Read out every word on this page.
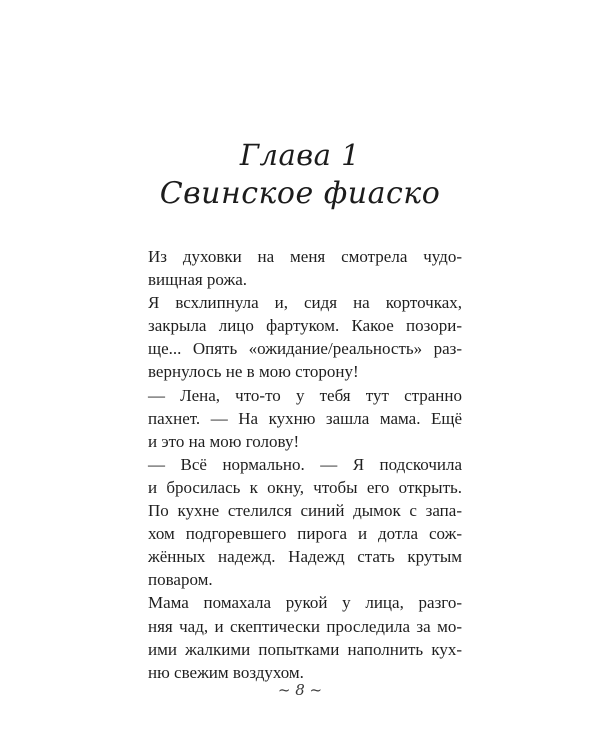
Глава 1
Свинское фиаско
Из духовки на меня смотрела чудо-
вищная рожа.
Я всхлипнула и, сидя на корточках,
закрыла лицо фартуком. Какое позори-
ще... Опять «ожидание/реальность» раз-
вернулось не в мою сторону!
— Лена, что-то у тебя тут странно
пахнет. — На кухню зашла мама. Ещё
и это на мою голову!
— Всё нормально. — Я подскочила
и бросилась к окну, чтобы его открыть.
По кухне стелился синий дымок с запа-
хом подгоревшего пирога и дотла сож-
жённых надежд. Надежд стать крутым
поваром.
Мама помахала рукой у лица, разго-
няя чад, и скептически проследила за мо-
ими жалкими попытками наполнить кух-
ню свежим воздухом.
~ 8 ~
